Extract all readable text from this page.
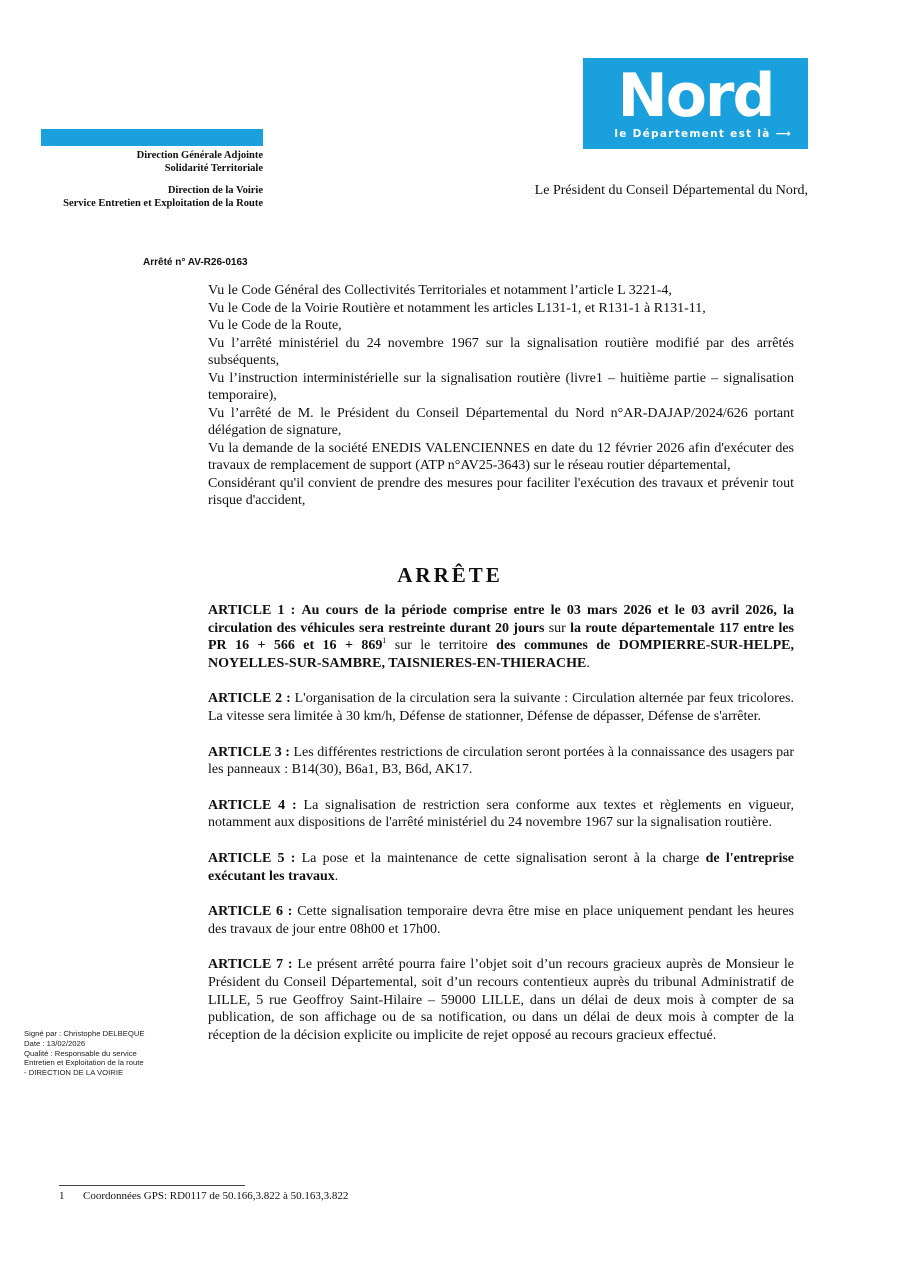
Direction Générale Adjointe
Solidarité Territoriale
Direction de la Voirie
Service Entretien et Exploitation de la Route
Nord
le Département est là ⟶
Le Président du Conseil Départemental du Nord,
Arrêté n° AV-R26-0163

Vu le Code Général des Collectivités Territoriales et notamment l’article L 3221-4,

Vu le Code de la Voirie Routière et notamment les articles L131-1, et R131-1 à R131-11,

Vu le Code de la Route,

Vu l’arrêté ministériel du 24 novembre 1967 sur la signalisation routière modifié par des arrêtés subséquents,

Vu l’instruction interministérielle sur la signalisation routière (livre1 – huitième partie – signalisation temporaire),

Vu l’arrêté de M. le Président du Conseil Départemental du Nord n°AR-DAJAP/2024/626 portant délégation de signature,

Vu la demande de la société ENEDIS VALENCIENNES en date du 12 février 2026 afin d'exécuter des travaux de remplacement de support (ATP n°AV25-3643) sur le réseau routier départemental,

Considérant qu'il convient de prendre des mesures pour faciliter l'exécution des travaux et prévenir tout risque d'accident,

ARRÊTE

ARTICLE 1 : Au cours de la période comprise entre le 03 mars 2026 et le 03 avril 2026, la circulation des véhicules sera restreinte durant 20 jours sur la route départementale 117 entre les PR 16 + 566 et $16 + 869^1$ sur le territoire des communes de DOMPIERRE-SUR-HELPE, NOYELLES-SUR-SAMBRE, TAISNIERES-EN-THIERACHE.

ARTICLE 2 : L'organisation de la circulation sera la suivante : Circulation alternée par feux tricolores. La vitesse sera limitée à 30 km/h, Défense de stationner, Défense de dépasser, Défense de s'arrêter.

ARTICLE 3 : Les différentes restrictions de circulation seront portées à la connaissance des usagers par les panneaux : B14(30), B6a1, B3, B6d, AK17.

ARTICLE 4 : La signalisation de restriction sera conforme aux textes et règlements en vigueur, notamment aux dispositions de l'arrêté ministériel du 24 novembre 1967 sur la signalisation routière.

ARTICLE 5 : La pose et la maintenance de cette signalisation seront à la charge de l'entreprise exécutant les travaux.

ARTICLE 6 : Cette signalisation temporaire devra être mise en place uniquement pendant les heures des travaux de jour entre 08h00 et 17h00.

ARTICLE 7 : Le présent arrêté pourra faire l’objet soit d’un recours gracieux auprès de Monsieur le Président du Conseil Départemental, soit d’un recours contentieux auprès du tribunal Administratif de LILLE, 5 rue Geoffroy Saint-Hilaire – 59000 LILLE, dans un délai de deux mois à compter de sa publication, de son affichage ou de sa notification, ou dans un délai de deux mois à compter de la réception de la décision explicite ou implicite de rejet opposé au recours gracieux effectué.

Signé par : Christophe DELBEQUE
Date : 13/02/2026
Qualité : Responsable du service
Entretien et Exploitation de la route
- DIRECTION DE LA VOIRIE
1 Coordonnées GPS: RD0117 de 50.166,3.822 à 50.163,3.822
